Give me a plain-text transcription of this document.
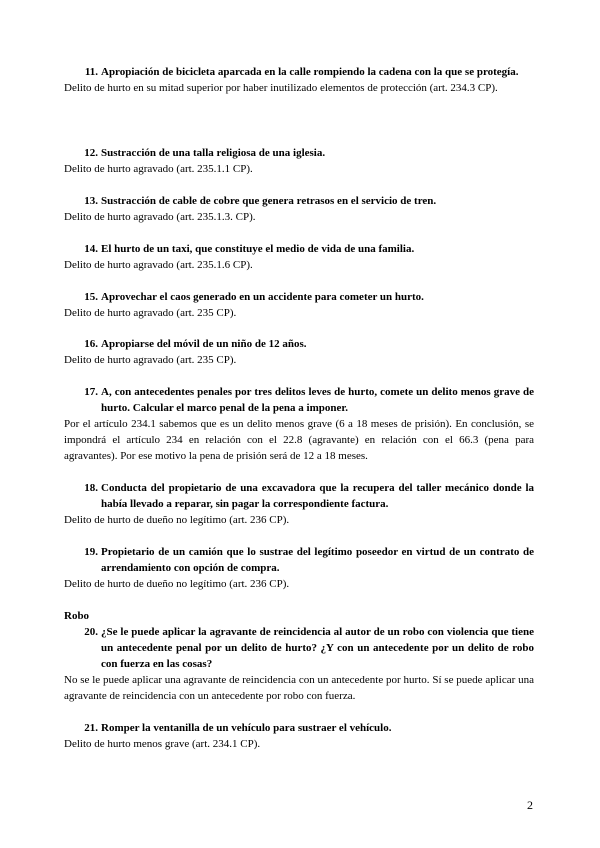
11. Apropiación de bicicleta aparcada en la calle rompiendo la cadena con la que se protegía.
Delito de hurto en su mitad superior por haber inutilizado elementos de protección (art. 234.3 CP).
12. Sustracción de una talla religiosa de una iglesia.
Delito de hurto agravado (art. 235.1.1 CP).
13. Sustracción de cable de cobre que genera retrasos en el servicio de tren.
Delito de hurto agravado (art. 235.1.3. CP).
14. El hurto de un taxi, que constituye el medio de vida de una familia.
Delito de hurto agravado (art. 235.1.6 CP).
15. Aprovechar el caos generado en un accidente para cometer un hurto.
Delito de hurto agravado (art. 235 CP).
16. Apropiarse del móvil de un niño de 12 años.
Delito de hurto agravado (art. 235 CP).
17. A, con antecedentes penales por tres delitos leves de hurto, comete un delito menos grave de hurto. Calcular el marco penal de la pena a imponer.
Por el artículo 234.1 sabemos que es un delito menos grave (6 a 18 meses de prisión). En conclusión, se impondrá el artículo 234 en relación con el 22.8 (agravante) en relación con el 66.3 (pena para agravantes). Por ese motivo la pena de prisión será de 12 a 18 meses.
18. Conducta del propietario de una excavadora que la recupera del taller mecánico donde la había llevado a reparar, sin pagar la correspondiente factura.
Delito de hurto de dueño no legítimo (art. 236 CP).
19. Propietario de un camión que lo sustrae del legítimo poseedor en virtud de un contrato de arrendamiento con opción de compra.
Delito de hurto de dueño no legítimo (art. 236 CP).
Robo
20. ¿Se le puede aplicar la agravante de reincidencia al autor de un robo con violencia que tiene un antecedente penal por un delito de hurto? ¿Y con un antecedente por un delito de robo con fuerza en las cosas?
No se le puede aplicar una agravante de reincidencia con un antecedente por hurto. Sí se puede aplicar una agravante de reincidencia con un antecedente por robo con fuerza.
21. Romper la ventanilla de un vehículo para sustraer el vehículo.
Delito de hurto menos grave (art. 234.1 CP).
2
